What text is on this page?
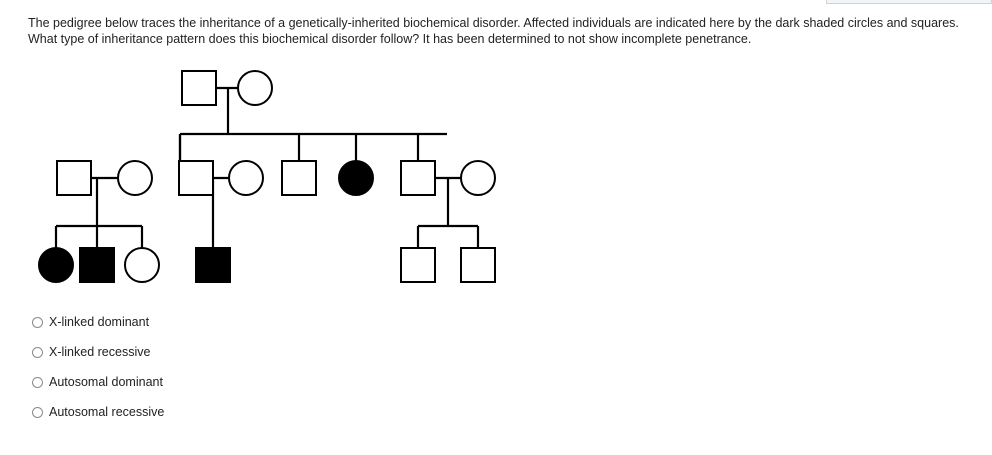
The pedigree below traces the inheritance of a genetically-inherited biochemical disorder. Affected individuals are indicated here by the dark shaded circles and squares. What type of inheritance pattern does this biochemical disorder follow? It has been determined to not show incomplete penetrance.
X-linked dominant
X-linked recessive
Autosomal dominant
Autosomal recessive
